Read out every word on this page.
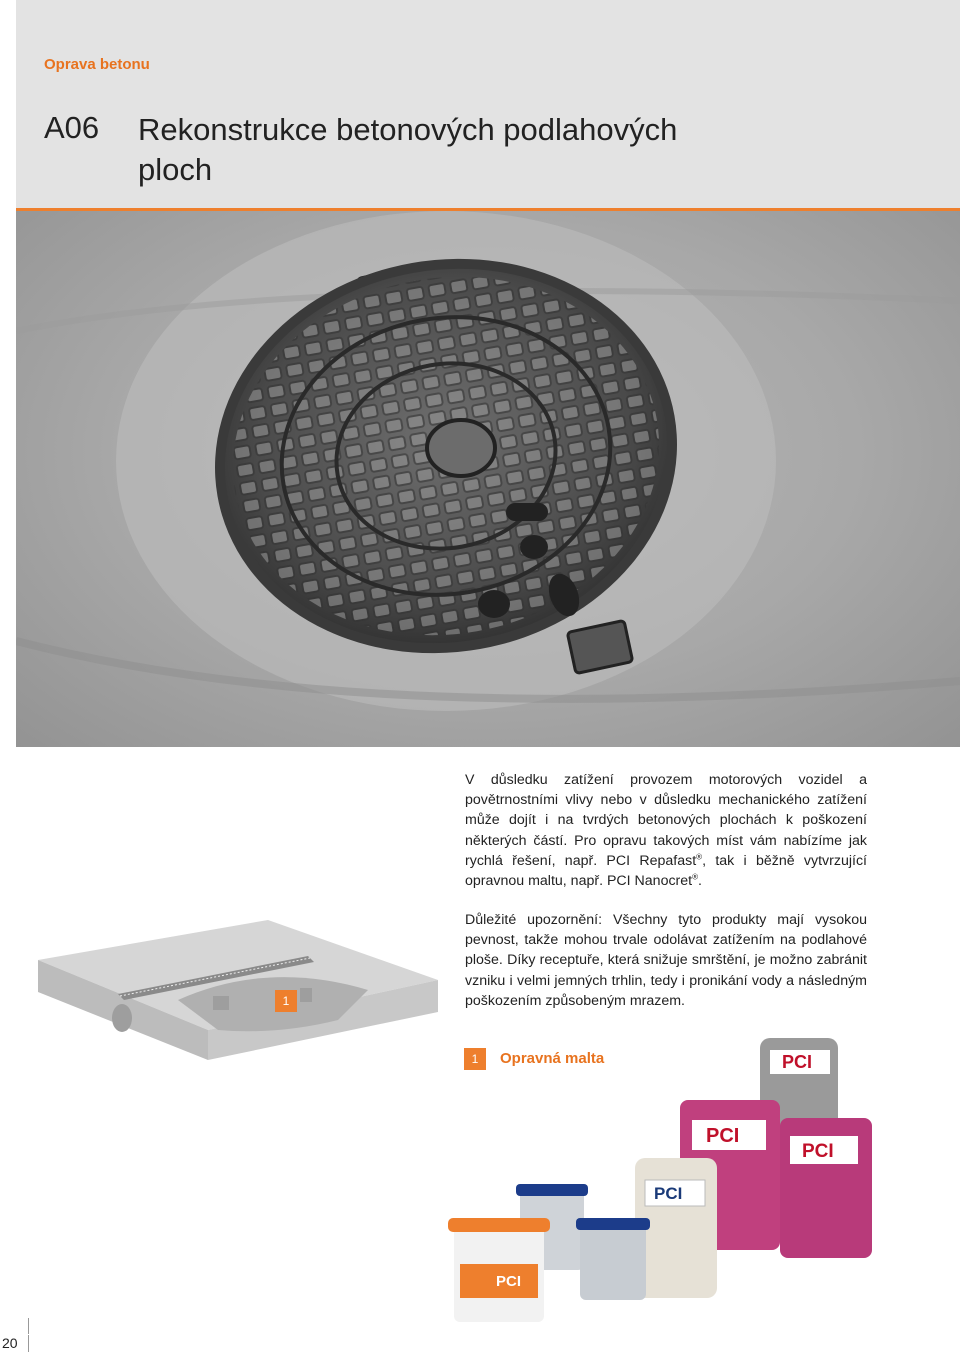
Oprava betonu
A06 Rekonstrukce betonových podlahových ploch
V důsledku zatížení provozem motorových vozidel a povětrnostními vlivy nebo v důsledku mechanického zatížení může dojít i na tvrdých betonových plochách k poškození některých částí. Pro opravu takových míst vám nabízíme jak rychlá řešení, např. PCI Repafast®, tak i běžně vytvrzující opravnou maltu, např. PCI Nanocret®.
Důležité upozornění: Všechny tyto produkty mají vysokou pevnost, takže mohou trvale odolávat zatížením na podlahové ploše. Díky receptuře, která snižuje smrštění, je možno zabránit vzniku i velmi jemných trhlin, tedy i pronikání vody a následným poškozením způsobeným mrazem.
1
1	Opravná malta	PCI
PCI
PCI
PCI
PCI
20
